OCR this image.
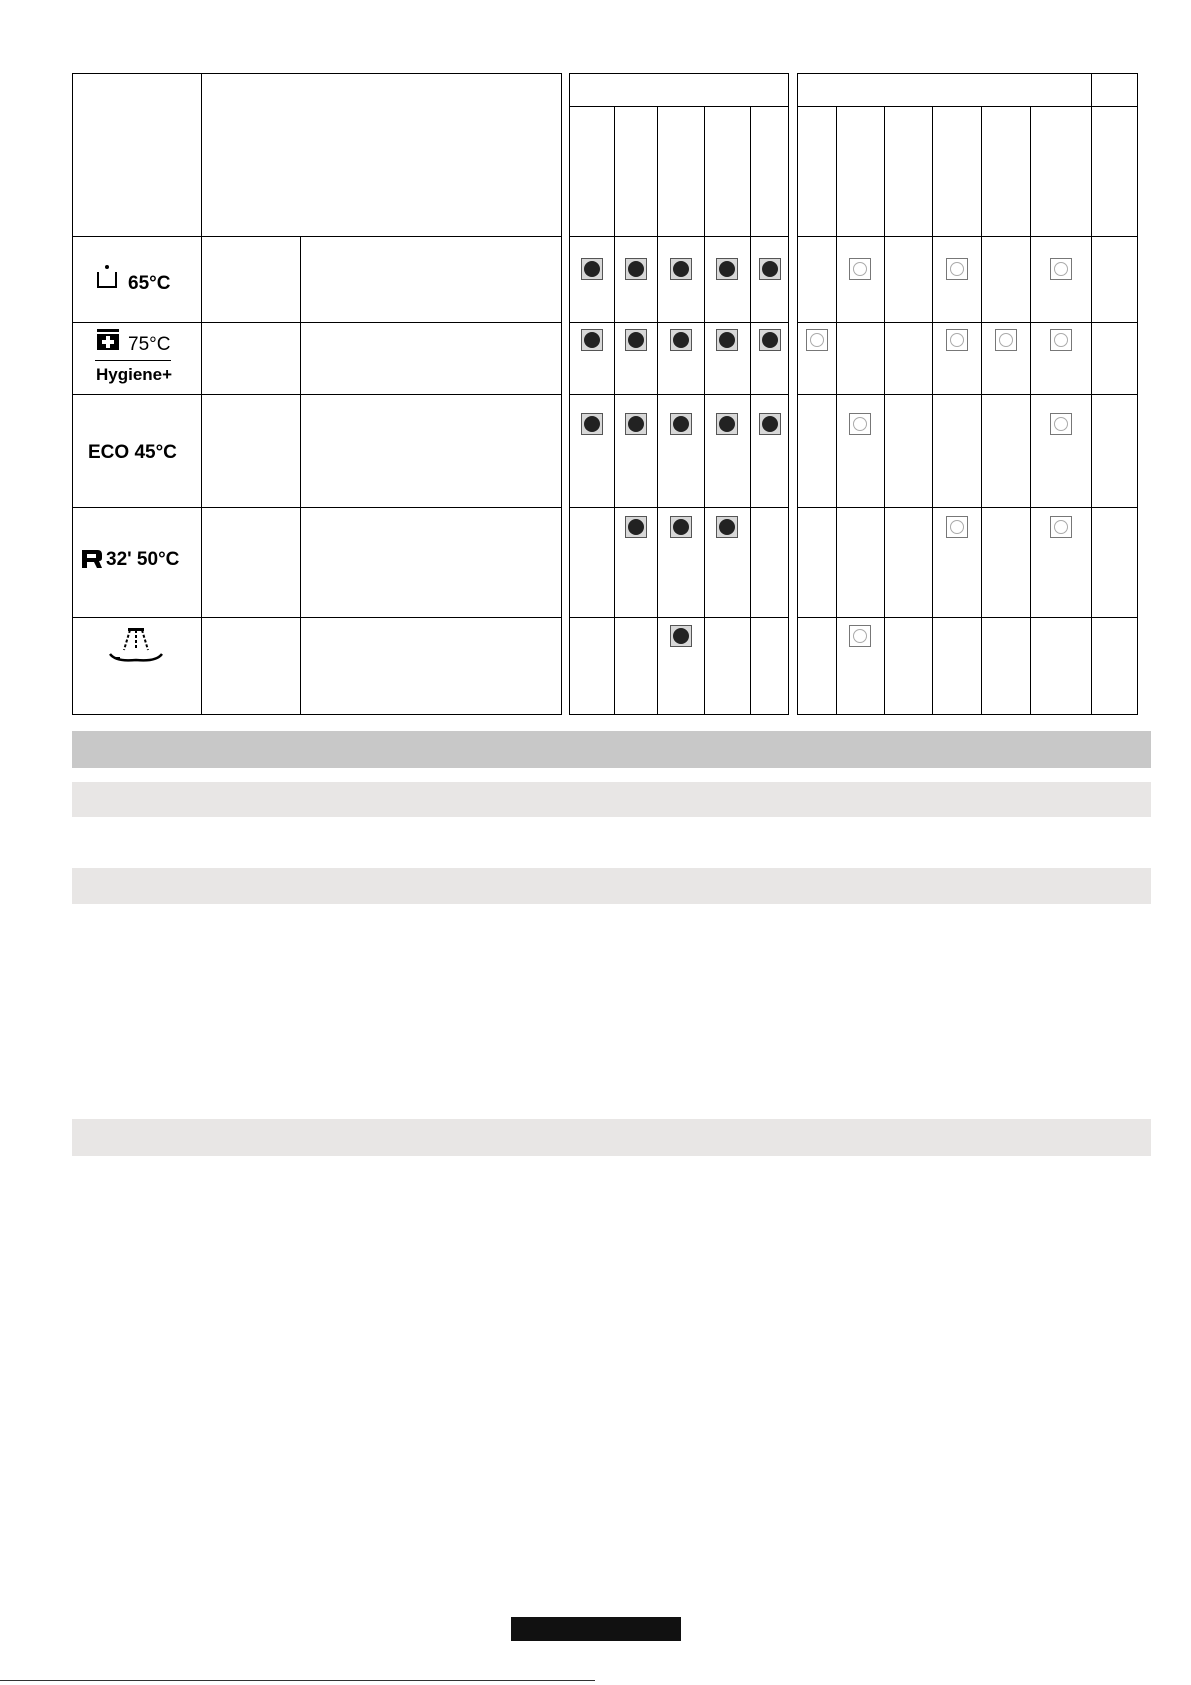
65°C
75°C
Hygiene+
ECO 45°C
32' 50°C
